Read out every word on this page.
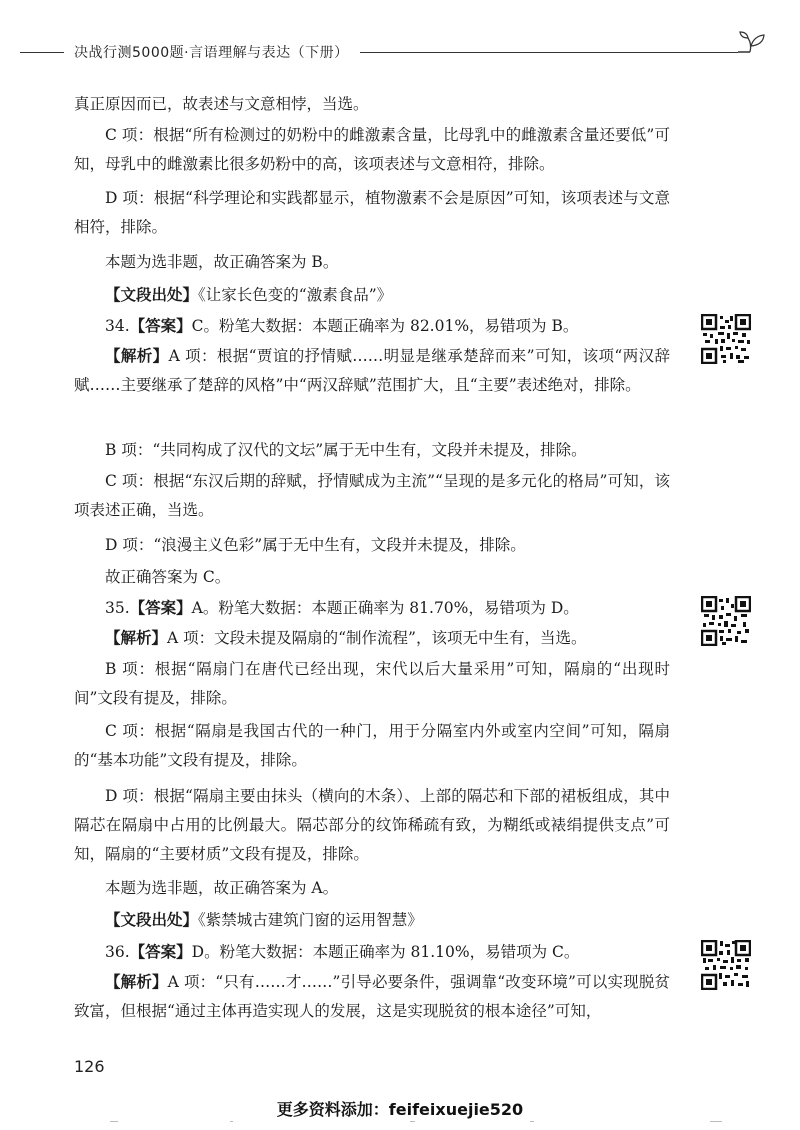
决战行测5000题·言语理解与表达（下册）

真正原因而已，故表述与文意相悖，当选。

C 项：根据“所有检测过的奶粉中的雌激素含量，比母乳中的雌激素含量还要低”可知，母乳中的雌激素比很多奶粉中的高，该项表述与文意相符，排除。

D 项：根据“科学理论和实践都显示，植物激素不会是原因”可知，该项表述与文意相符，排除。

本题为选非题，故正确答案为 B。

【文段出处】《让家长色变的“激素食品”》

34.【答案】C。粉笔大数据：本题正确率为 82.01%，易错项为 B。

【解析】A 项：根据“贾谊的抒情赋……明显是继承楚辞而来”可知，该项“两汉辞赋……主要继承了楚辞的风格”中“两汉辞赋”范围扩大，且“主要”表述绝对，排除。

B 项：“共同构成了汉代的文坛”属于无中生有，文段并未提及，排除。

C 项：根据“东汉后期的辞赋，抒情赋成为主流”“呈现的是多元化的格局”可知，该项表述正确，当选。

D 项：“浪漫主义色彩”属于无中生有，文段并未提及，排除。

故正确答案为 C。

35.【答案】A。粉笔大数据：本题正确率为 81.70%，易错项为 D。

【解析】A 项：文段未提及隔扇的“制作流程”，该项无中生有，当选。

B 项：根据“隔扇门在唐代已经出现，宋代以后大量采用”可知，隔扇的“出现时间”文段有提及，排除。

C 项：根据“隔扇是我国古代的一种门，用于分隔室内外或室内空间”可知，隔扇的“基本功能”文段有提及，排除。

D 项：根据“隔扇主要由抹头（横向的木条）、上部的隔芯和下部的裙板组成，其中隔芯在隔扇中占用的比例最大。隔芯部分的纹饰稀疏有致，为糊纸或裱绢提供支点”可知，隔扇的“主要材质”文段有提及，排除。

本题为选非题，故正确答案为 A。

【文段出处】《紫禁城古建筑门窗的运用智慧》

36.【答案】D。粉笔大数据：本题正确率为 81.10%，易错项为 C。

【解析】A 项：“只有……才……”引导必要条件，强调靠“改变环境”可以实现脱贫致富，但根据“通过主体再造实现人的发展，这是实现脱贫的根本途径”可知，

126
更多资料添加：feifeixuejie520
